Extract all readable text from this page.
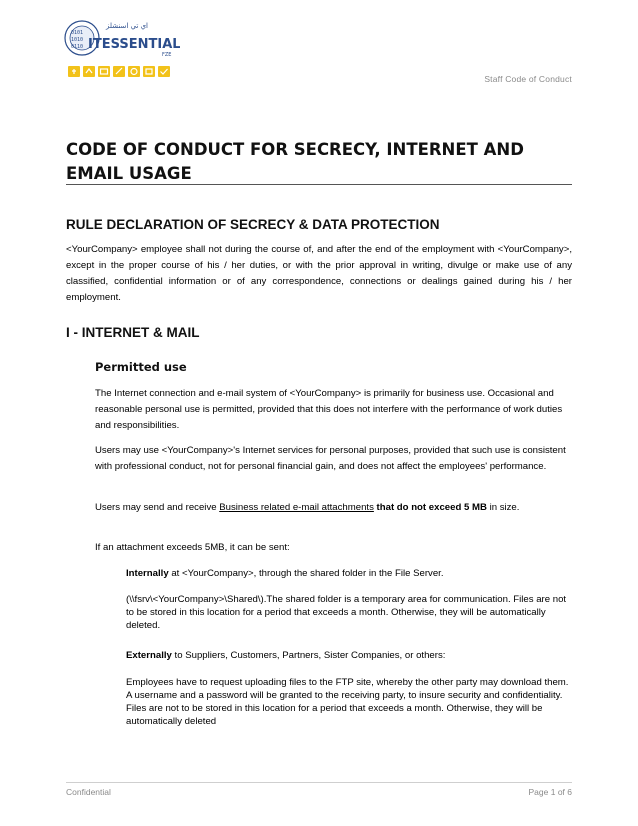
0101
1010
0110
اي تي اسنشلز
ITESSENTIALS
FZE
Staff Code of Conduct
CODE OF CONDUCT FOR SECRECY, INTERNET AND EMAIL USAGE
RULE DECLARATION OF SECRECY & DATA PROTECTION
<YourCompany> employee shall not during the course of, and after the end of the employment with <YourCompany>, except in the proper course of his / her duties, or with the prior approval in writing, divulge or make use of any classified, confidential information or of any correspondence, connections or dealings gained during his / her employment.
I - INTERNET & MAIL
Permitted use
The Internet connection and e-mail system of <YourCompany> is primarily for business use. Occasional and reasonable personal use is permitted, provided that this does not interfere with the performance of work duties and responsibilities.
Users may use <YourCompany>'s Internet services for personal purposes, provided that such use is consistent with professional conduct, not for personal financial gain, and does not affect the employees' performance.
Users may send and receive Business related e-mail attachments that do not exceed 5 MB in size.
If an attachment exceeds 5MB, it can be sent:
Internally at <YourCompany>, through the shared folder in the File Server.
(\\fsrv\<YourCompany>\Shared\).The shared folder is a temporary area for communication. Files are not to be stored in this location for a period that exceeds a month. Otherwise, they will be automatically deleted.
Externally to Suppliers, Customers, Partners, Sister Companies, or others:
Employees have to request uploading files to the FTP site, whereby the other party may download them. A username and a password will be granted to the receiving party, to insure security and confidentiality. Files are not to be stored in this location for a period that exceeds a month. Otherwise, they will be automatically deleted
Confidential	Page 1 of 6
